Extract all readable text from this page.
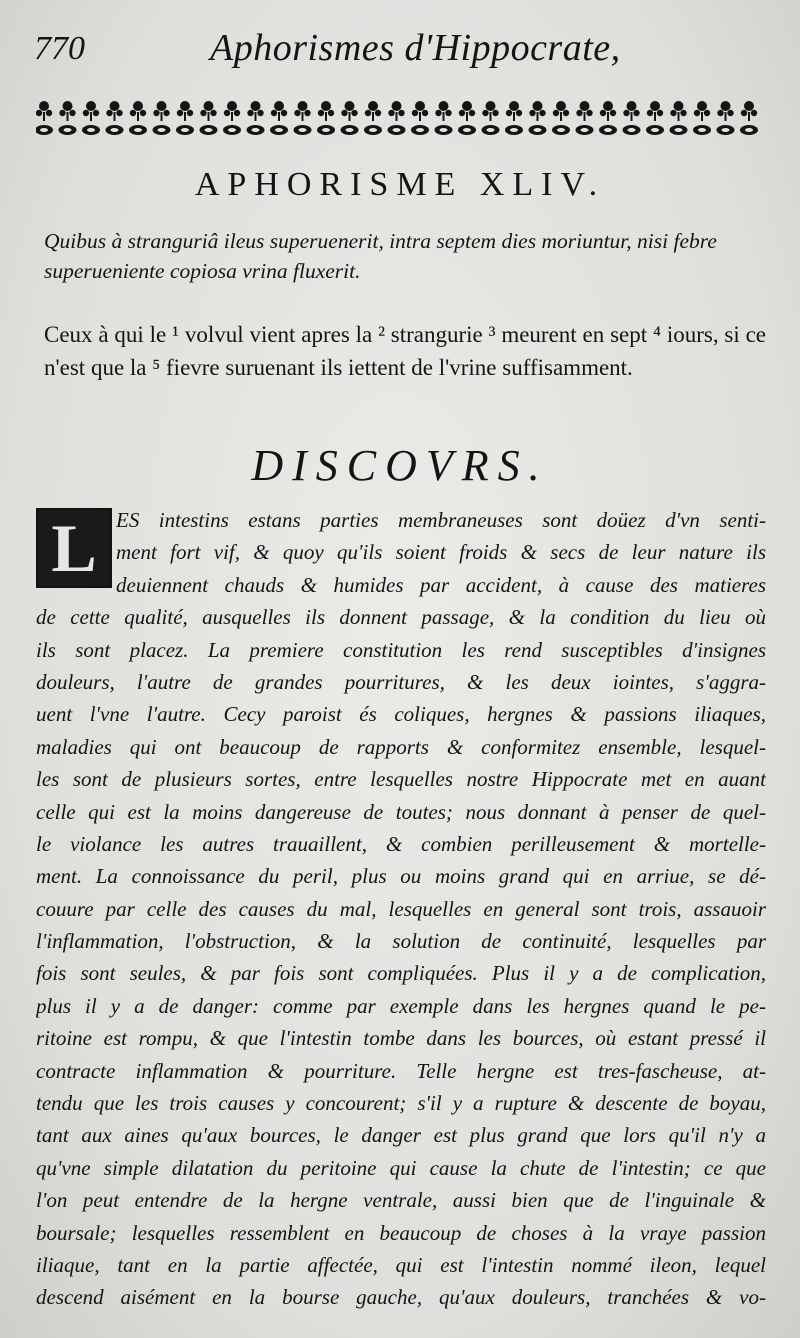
770	Aphorismes d'Hippocrate,
APHORISME XLIV.
Quibus à stranguriâ ileus superuenerit, intra septem dies moriuntur, nisi febre superueniente copiosa vrina fluxerit.
Ceux à qui le ¹ volvul vient apres la ² strangurie ³ meurent en sept ⁴ iours, si ce n'est que la ⁵ fievre suruenant ils iettent de l'vrine suffisamment.
DISCOVRS.
L ES intestins estans parties membraneuses sont doüez d'vn senti-
ment fort vif, & quoy qu'ils soient froids & secs de leur nature ils
deuiennent chauds & humides par accident, à cause des matieres
de cette qualité, ausquelles ils donnent passage, & la condition du lieu où
ils sont placez. La premiere constitution les rend susceptibles d'insignes
douleurs, l'autre de grandes pourritures, & les deux iointes, s'aggra-
uent l'vne l'autre. Cecy paroist és coliques, hergnes & passions iliaques,
maladies qui ont beaucoup de rapports & conformitez ensemble, lesquel-
les sont de plusieurs sortes, entre lesquelles nostre Hippocrate met en auant
celle qui est la moins dangereuse de toutes; nous donnant à penser de quel-
le violance les autres trauaillent, & combien perilleusement & mortelle-
ment. La connoissance du peril, plus ou moins grand qui en arriue, se dé-
couure par celle des causes du mal, lesquelles en general sont trois, assauoir
l'inflammation, l'obstruction, & la solution de continuité, lesquelles par
fois sont seules, & par fois sont compliquées. Plus il y a de complication,
plus il y a de danger: comme par exemple dans les hergnes quand le pe-
ritoine est rompu, & que l'intestin tombe dans les bources, où estant pressé il
contracte inflammation & pourriture. Telle hergne est tres-fascheuse, at-
tendu que les trois causes y concourent; s'il y a rupture & descente de boyau,
tant aux aines qu'aux bources, le danger est plus grand que lors qu'il n'y a
qu'vne simple dilatation du peritoine qui cause la chute de l'intestin; ce que
l'on peut entendre de la hergne ventrale, aussi bien que de l'inguinale &
boursale; lesquelles ressemblent en beaucoup de choses à la vraye passion
iliaque, tant en la partie affectée, qui est l'intestin nommé ileon, lequel
descend aisément en la bourse gauche, qu'aux douleurs, tranchées & vo-
